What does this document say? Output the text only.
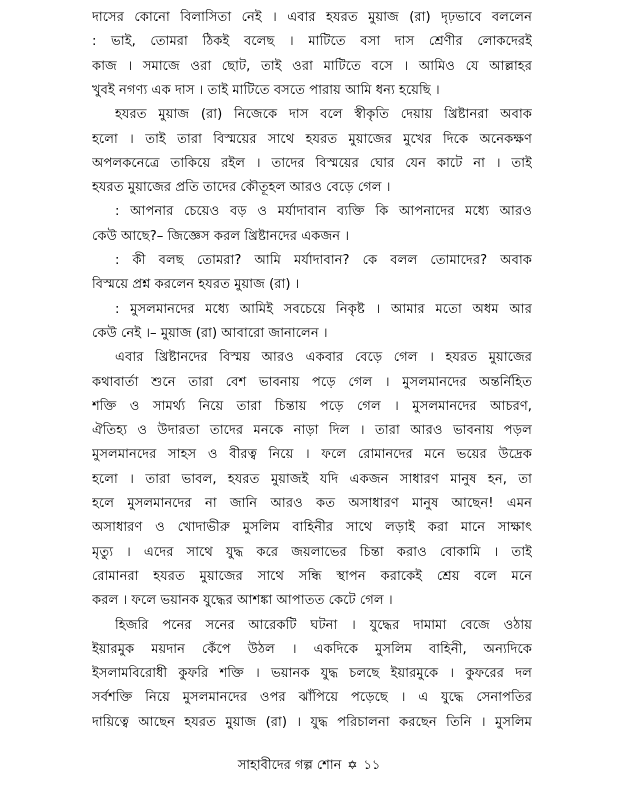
দাসের কোনো বিলাসিতা নেই । এবার হযরত মুয়াজ (রা) দৃঢ়ভাবে বললেন
: ভাই, তোমরা ঠিকই বলেছ । মাটিতে বসা দাস শ্রেণীর লোকদেরই
কাজ । সমাজে ওরা ছোট, তাই ওরা মাটিতে বসে । আমিও যে আল্লাহর
খুবই নগণ্য এক দাস । তাই মাটিতে বসতে পারায় আমি ধন্য হয়েছি ।
হযরত মুয়াজ (রা) নিজেকে দাস বলে স্বীকৃতি দেয়ায় খ্রিষ্টানরা অবাক
হলো । তাই তারা বিস্ময়ের সাথে হযরত মুয়াজের মুখের দিকে অনেকক্ষণ
অপলকনেত্রে তাকিয়ে রইল । তাদের বিস্ময়ের ঘোর যেন কাটে না । তাই
হযরত মুয়াজের প্রতি তাদের কৌতূহল আরও বেড়ে গেল ।
: আপনার চেয়েও বড় ও মর্যাদাবান ব্যক্তি কি আপনাদের মধ্যে আরও
কেউ আছে?– জিজ্ঞেস করল খ্রিষ্টানদের একজন ।
: কী বলছ তোমরা? আমি মর্যাদাবান? কে বলল তোমাদের? অবাক
বিস্ময়ে প্রশ্ন করলেন হযরত মুয়াজ (রা) ।
: মুসলমানদের মধ্যে আমিই সবচেয়ে নিকৃষ্ট । আমার মতো অধম আর
কেউ নেই ।– মুয়াজ (রা) আবারো জানালেন ।
এবার খ্রিষ্টানদের বিস্ময় আরও একবার বেড়ে গেল । হযরত মুয়াজের
কথাবার্তা শুনে তারা বেশ ভাবনায় পড়ে গেল । মুসলমানদের অন্তর্নিহিত
শক্তি ও সামর্থ্য নিয়ে তারা চিন্তায় পড়ে গেল । মুসলমানদের আচরণ,
ঐতিহ্য ও উদারতা তাদের মনকে নাড়া দিল । তারা আরও ভাবনায় পড়ল
মুসলমানদের সাহস ও বীরত্ব নিয়ে । ফলে রোমানদের মনে ভয়ের উদ্রেক
হলো । তারা ভাবল, হযরত মুয়াজই যদি একজন সাধারণ মানুষ হন, তা
হলে মুসলমানদের না জানি আরও কত অসাধারণ মানুষ আছেন! এমন
অসাধারণ ও খোদাভীরু মুসলিম বাহিনীর সাথে লড়াই করা মানে সাক্ষাৎ
মৃত্যু । এদের সাথে যুদ্ধ করে জয়লাভের চিন্তা করাও বোকামি । তাই
রোমানরা হযরত মুয়াজের সাথে সন্ধি স্থাপন করাকেই শ্রেয় বলে মনে
করল । ফলে ভয়ানক যুদ্ধের আশঙ্কা আপাতত কেটে গেল ।
হিজরি পনের সনের আরেকটি ঘটনা । যুদ্ধের দামামা বেজে ওঠায়
ইয়ারমুক ময়দান কেঁপে উঠল । একদিকে মুসলিম বাহিনী, অন্যদিকে
ইসলামবিরোধী কুফরি শক্তি । ভয়ানক যুদ্ধ চলছে ইয়ারমুকে । কুফরের দল
সর্বশক্তি নিয়ে মুসলমানদের ওপর ঝাঁপিয়ে পড়েছে । এ যুদ্ধে সেনাপতির
দায়িত্বে আছেন হযরত মুয়াজ (রা) । যুদ্ধ পরিচালনা করছেন তিনি । মুসলিম
সাহাবীদের গল্প শোন ✡ ১১
